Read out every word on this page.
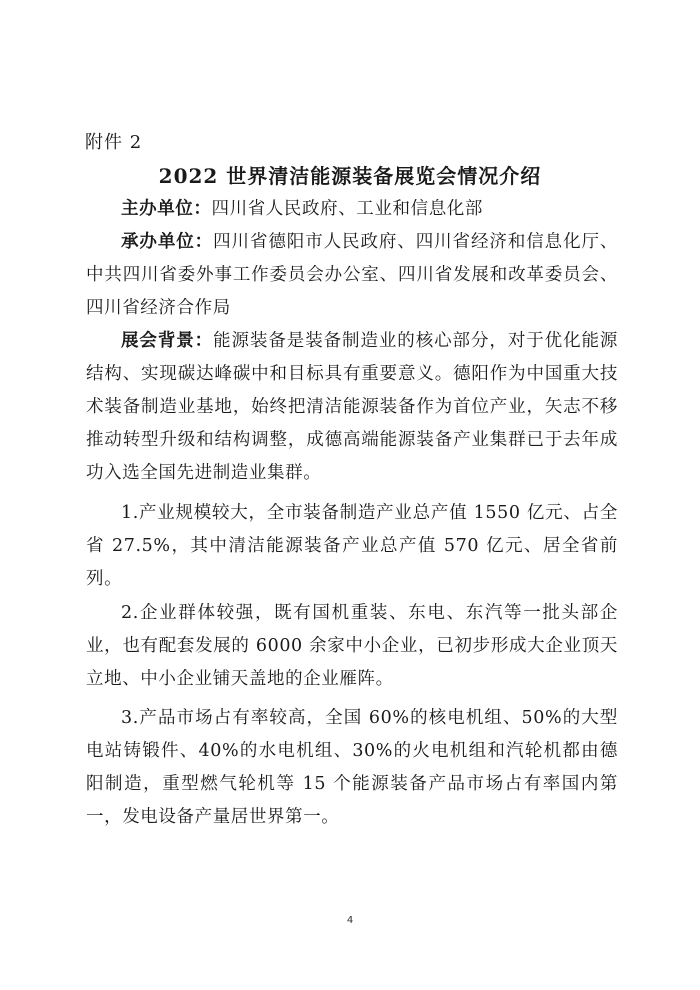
附件 2
2022 世界清洁能源装备展览会情况介绍
主办单位：四川省人民政府、工业和信息化部
承办单位：四川省德阳市人民政府、四川省经济和信息化厅、中共四川省委外事工作委员会办公室、四川省发展和改革委员会、四川省经济合作局
展会背景：能源装备是装备制造业的核心部分，对于优化能源结构、实现碳达峰碳中和目标具有重要意义。德阳作为中国重大技术装备制造业基地，始终把清洁能源装备作为首位产业，矢志不移推动转型升级和结构调整，成德高端能源装备产业集群已于去年成功入选全国先进制造业集群。
1.产业规模较大，全市装备制造产业总产值 1550 亿元、占全省 27.5%，其中清洁能源装备产业总产值 570 亿元、居全省前列。
2.企业群体较强，既有国机重装、东电、东汽等一批头部企业，也有配套发展的 6000 余家中小企业，已初步形成大企业顶天立地、中小企业铺天盖地的企业雁阵。
3.产品市场占有率较高，全国 60%的核电机组、50%的大型电站铸锻件、40%的水电机组、30%的火电机组和汽轮机都由德阳制造，重型燃气轮机等 15 个能源装备产品市场占有率国内第一，发电设备产量居世界第一。
4
